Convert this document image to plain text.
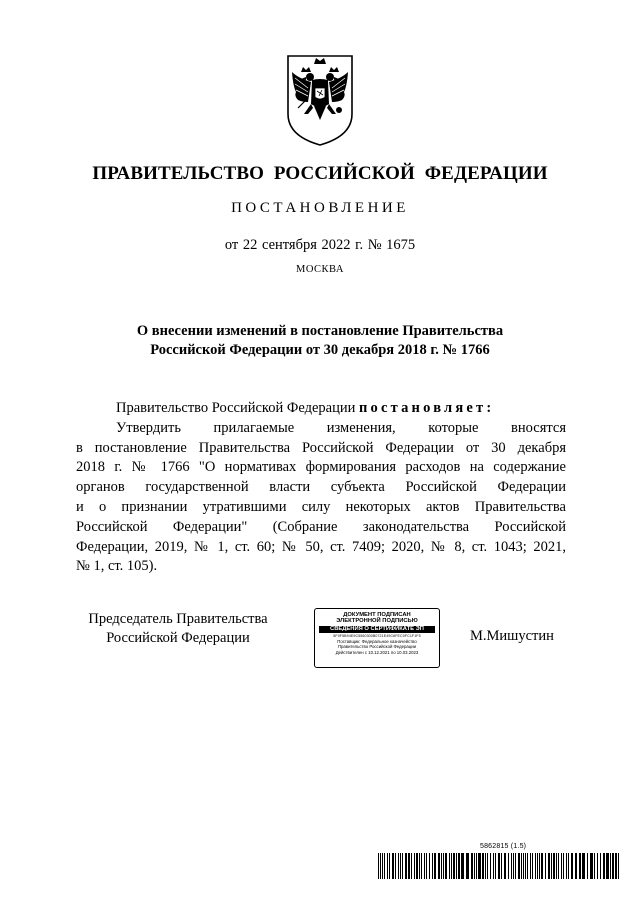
ПРАВИТЕЛЬСТВО РОССИЙСКОЙ ФЕДЕРАЦИИ
ПОСТАНОВЛЕНИЕ
от 22 сентября 2022 г. № 1675
МОСКВА
О внесении изменений в постановление Правительства
Российской Федерации от 30 декабря 2018 г. № 1766
Правительство Российской Федерации постановляет:
Утвердить прилагаемые изменения, которые вносятся
в постановление Правительства Российской Федерации от 30 декабря
2018 г. № 1766 "О нормативах формирования расходов на содержание
органов государственной власти субъекта Российской Федерации
и о признании утратившими силу некоторых актов Правительства
Российской Федерации" (Собрание законодательства Российской
Федерации, 2019, № 1, ст. 60; № 50, ст. 7409; 2020, № 8, ст. 1043; 2021,
№ 1, ст. 105).
Председатель Правительства
Российской Федерации
ДОКУМЕНТ ПОДПИСАН
ЭЛЕКТРОННОЙ ПОДПИСЬЮ
СВЕДЕНИЯ О СЕРТИФИКАТЕ ЭП
5F0F5B94E9C5560300B0721E49C6FEC0FC1F1F5
Поставщик: Федеральное казначейство
Правительство Российской Федерации
Действителен с 10.12.2021 по 10.03.2023
М.Мишустин
5862815 (1.5)
